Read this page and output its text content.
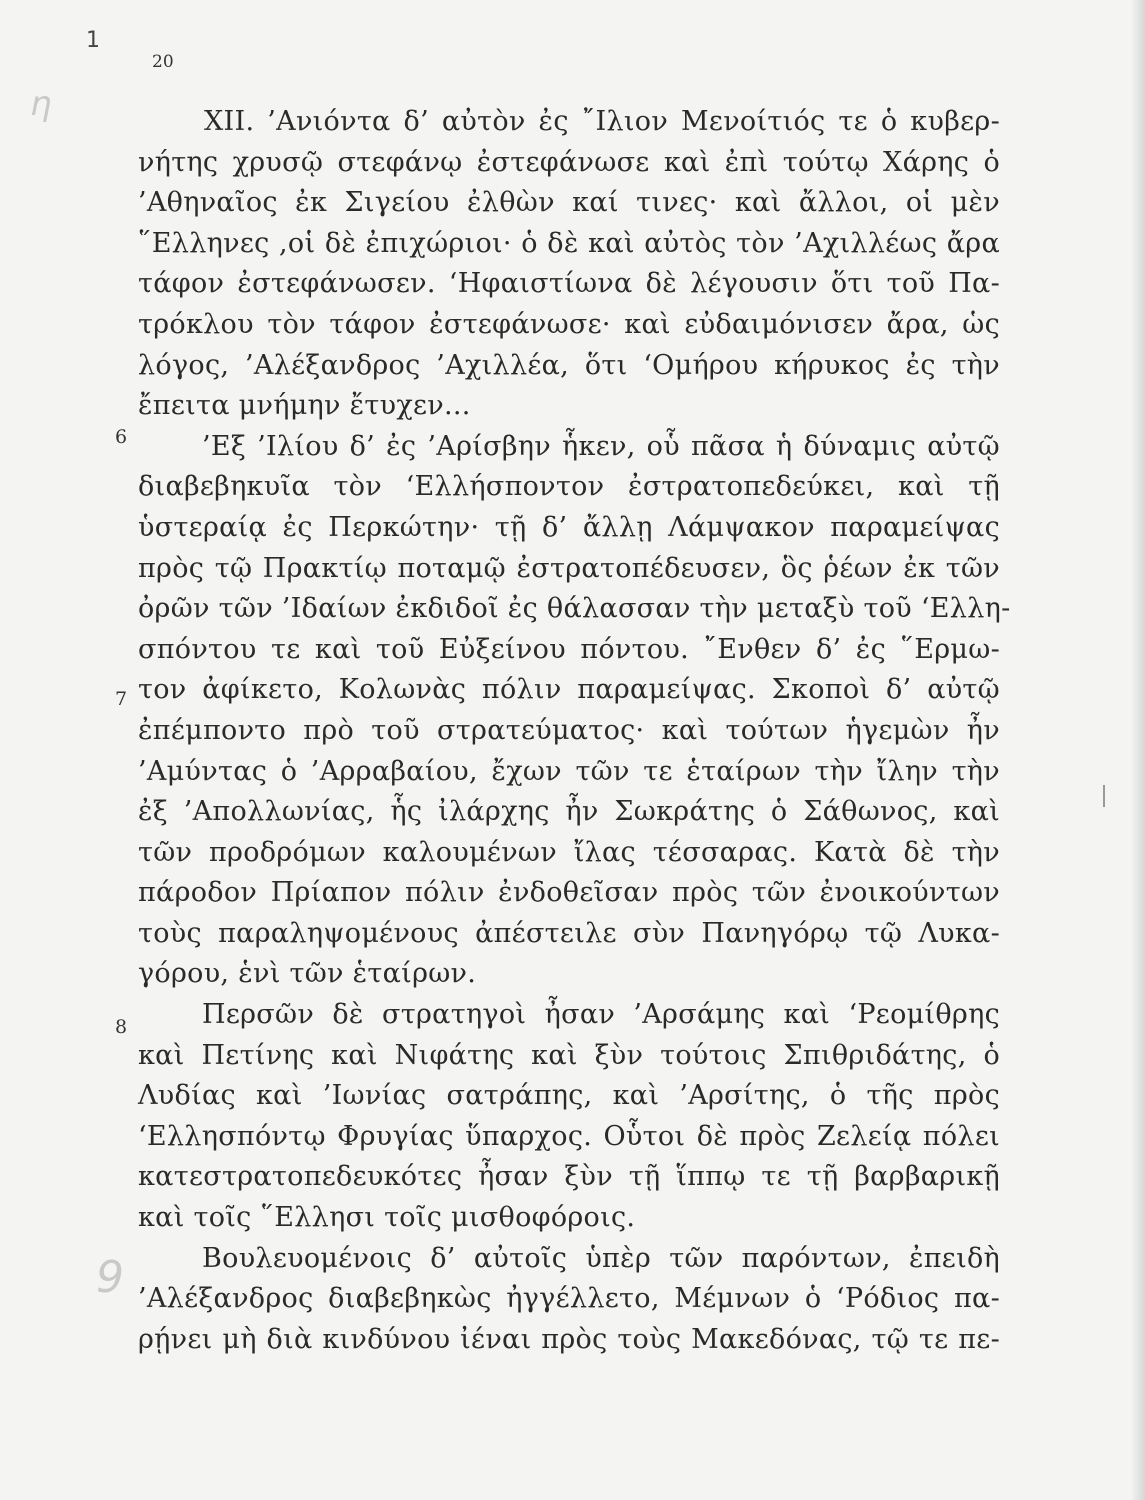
1
20
η
9
6
7
8
XII. ’Ανιόντα δ’ αὐτὸν ἐς ῎Ιλιον Μενοίτιός τε ὁ κυβερ-
νήτης χρυσῷ στεφάνῳ ἐστεφάνωσε καὶ ἐπὶ τούτῳ Χάρης ὁ
’Αθηναῖος ἐκ Σιγείου ἐλθὼν καί τινες· καὶ ἄλλοι, οἱ μὲν
῞Ελληνες ,οἱ δὲ ἐπιχώριοι· ὁ δὲ καὶ αὐτὸς τὸν ’Αχιλλέως ἄρα
τάφον ἐστεφάνωσεν. ‘Ηφαιστίωνα δὲ λέγουσιν ὅτι τοῦ Πα-
τρόκλου τὸν τάφον ἐστεφάνωσε· καὶ εὐδαιμόνισεν ἄρα, ὡς
λόγος, ’Αλέξανδρος ’Αχιλλέα, ὅτι ‘Ομήρου κήρυκος ἐς τὴν
ἔπειτα μνήμην ἔτυχεν...
’Εξ ’Ιλίου δ’ ἐς ’Αρίσβην ἧκεν, οὗ πᾶσα ἡ δύναμις αὐτῷ
διαβεβηκυῖα τὸν ‘Ελλήσποντον ἐστρατοπεδεύκει, καὶ τῇ
ὑστεραίᾳ ἐς Περκώτην· τῇ δ’ ἄλλῃ Λάμψακον παραμείψας
πρὸς τῷ Πρακτίῳ ποταμῷ ἐστρατοπέδευσεν, ὃς ῥέων ἐκ τῶν
ὀρῶν τῶν ’Ιδαίων ἐκδιδοῖ ἐς θάλασσαν τὴν μεταξὺ τοῦ ‘Ελλη-
σπόντου τε καὶ τοῦ Εὐξείνου πόντου. ῎Ενθεν δ’ ἐς ῞Ερμω-
τον ἀφίκετο, Κολωνὰς πόλιν παραμείψας. Σκοποὶ δ’ αὐτῷ
ἐπέμποντο πρὸ τοῦ στρατεύματος· καὶ τούτων ἡγεμὼν ἦν
’Αμύντας ὁ ’Αρραβαίου, ἔχων τῶν τε ἑταίρων τὴν ἴλην τὴν
ἐξ ’Απολλωνίας, ἧς ἰλάρχης ἦν Σωκράτης ὁ Σάθωνος, καὶ
τῶν προδρόμων καλουμένων ἴλας τέσσαρας. Κατὰ δὲ τὴν
πάροδον Πρίαπον πόλιν ἐνδοθεῖσαν πρὸς τῶν ἐνοικούντων
τοὺς παραληψομένους ἀπέστειλε σὺν Πανηγόρῳ τῷ Λυκα-
γόρου, ἑνὶ τῶν ἑταίρων.
Περσῶν δὲ στρατηγοὶ ἦσαν ’Αρσάμης καὶ ‘Ρεομίθρης
καὶ Πετίνης καὶ Νιφάτης καὶ ξὺν τούτοις Σπιθριδάτης, ὁ
Λυδίας καὶ ’Ιωνίας σατράπης, καὶ ’Αρσίτης, ὁ τῆς πρὸς
‘Ελλησπόντῳ Φρυγίας ὕπαρχος. Οὗτοι δὲ πρὸς Ζελείᾳ πόλει
κατεστρατοπεδευκότες ἦσαν ξὺν τῇ ἵππῳ τε τῇ βαρβαρικῇ
καὶ τοῖς ῞Ελλησι τοῖς μισθοφόροις.
Βουλευομένοις δ’ αὐτοῖς ὑπὲρ τῶν παρόντων, ἐπειδὴ
’Αλέξανδρος διαβεβηκὼς ἠγγέλλετο, Μέμνων ὁ ‘Ρόδιος πα-
ρῄνει μὴ διὰ κινδύνου ἰέναι πρὸς τοὺς Μακεδόνας, τῷ τε πε-
